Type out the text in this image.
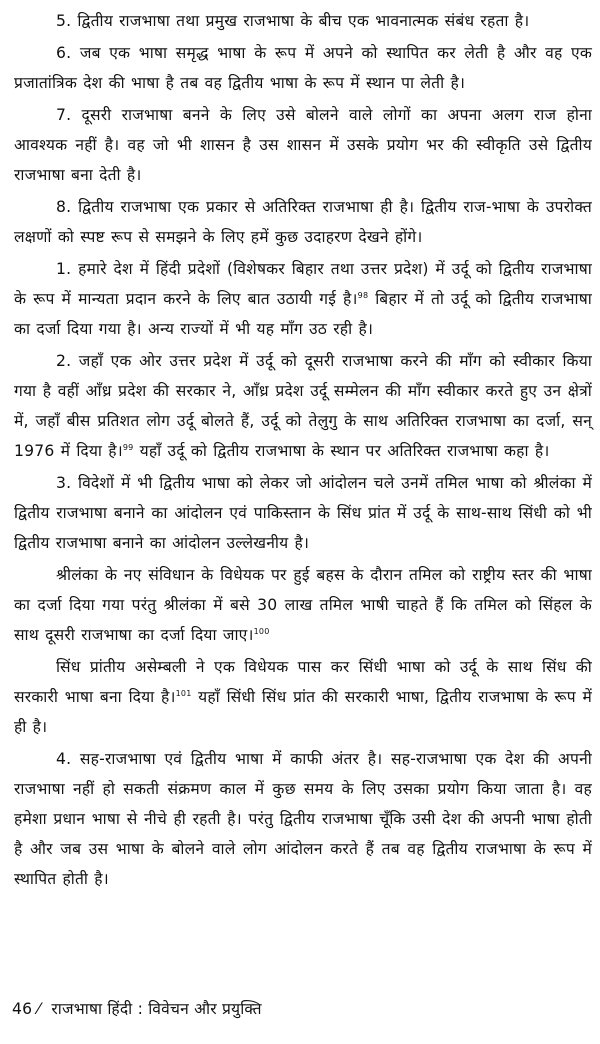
5. द्वितीय राजभाषा तथा प्रमुख राजभाषा के बीच एक भावनात्मक संबंध रहता है।

6. जब एक भाषा समृद्ध भाषा के रूप में अपने को स्थापित कर लेती है और वह एक प्रजातांत्रिक देश की भाषा है तब वह द्वितीय भाषा के रूप में स्थान पा लेती है।

7. दूसरी राजभाषा बनने के लिए उसे बोलने वाले लोगों का अपना अलग राज होना आवश्यक नहीं है। वह जो भी शासन है उस शासन में उसके प्रयोग भर की स्वीकृति उसे द्वितीय राजभाषा बना देती है।

8. द्वितीय राजभाषा एक प्रकार से अतिरिक्त राजभाषा ही है। द्वितीय राज-भाषा के उपरोक्त लक्षणों को स्पष्ट रूप से समझने के लिए हमें कुछ उदाहरण देखने होंगे।

1. हमारे देश में हिंदी प्रदेशों (विशेषकर बिहार तथा उत्तर प्रदेश) में उर्दू को द्वितीय राजभाषा के रूप में मान्यता प्रदान करने के लिए बात उठायी गई है।$^{98}$ बिहार में तो उर्दू को द्वितीय राजभाषा का दर्जा दिया गया है। अन्य राज्यों में भी यह माँग उठ रही है।

2. जहाँ एक ओर उत्तर प्रदेश में उर्दू को दूसरी राजभाषा करने की माँग को स्वीकार किया गया है वहीं आँध्र प्रदेश की सरकार ने, आँध्र प्रदेश उर्दू सम्मेलन की माँग स्वीकार करते हुए उन क्षेत्रों में, जहाँ बीस प्रतिशत लोग उर्दू बोलते हैं, उर्दू को तेलुगु के साथ अतिरिक्त राजभाषा का दर्जा, सन् 1976 में दिया है।$^{99}$ यहाँ उर्दू को द्वितीय राजभाषा के स्थान पर अतिरिक्त राजभाषा कहा है।

3. विदेशों में भी द्वितीय भाषा को लेकर जो आंदोलन चले उनमें तमिल भाषा को श्रीलंका में द्वितीय राजभाषा बनाने का आंदोलन एवं पाकिस्तान के सिंध प्रांत में उर्दू के साथ-साथ सिंधी को भी द्वितीय राजभाषा बनाने का आंदोलन उल्लेखनीय है।

श्रीलंका के नए संविधान के विधेयक पर हुई बहस के दौरान तमिल को राष्ट्रीय स्तर की भाषा का दर्जा दिया गया परंतु श्रीलंका में बसे 30 लाख तमिल भाषी चाहते हैं कि तमिल को सिंहल के साथ दूसरी राजभाषा का दर्जा दिया जाए।$^{100}$

सिंध प्रांतीय असेम्बली ने एक विधेयक पास कर सिंधी भाषा को उर्दू के साथ सिंध की सरकारी भाषा बना दिया है।$^{101}$ यहाँ सिंधी सिंध प्रांत की सरकारी भाषा, द्वितीय राजभाषा के रूप में ही है।

4. सह-राजभाषा एवं द्वितीय भाषा में काफी अंतर है। सह-राजभाषा एक देश की अपनी राजभाषा नहीं हो सकती संक्रमण काल में कुछ समय के लिए उसका प्रयोग किया जाता है। वह हमेशा प्रधान भाषा से नीचे ही रहती है। परंतु द्वितीय राजभाषा चूँकि उसी देश की अपनी भाषा होती है और जब उस भाषा के बोलने वाले लोग आंदोलन करते हैं तब वह द्वितीय राजभाषा के रूप में स्थापित होती है।

46 ⁄ राजभाषा हिंदी : विवेचन और प्रयुक्ति
